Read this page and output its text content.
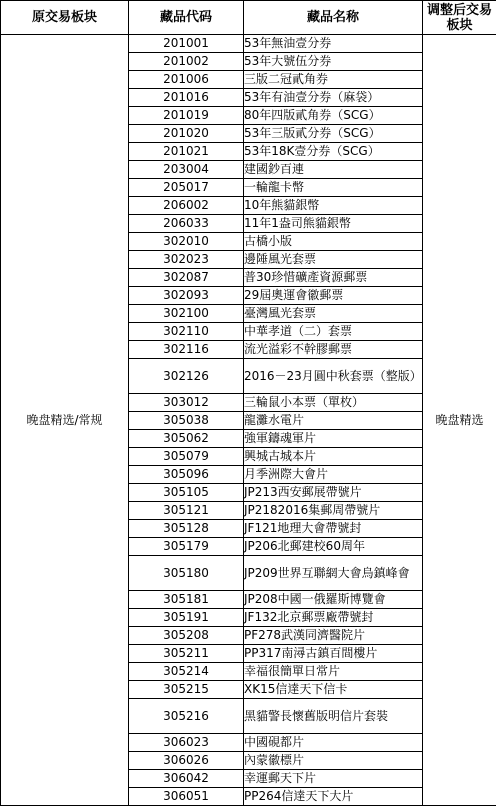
原交易板块	藏品代码	藏品名称	调整后交易板块
晚盘精选/常规	201001	53年無油壹分券	晚盘精选
	201002	53年大號伍分券	
	201006	三版二冠貳角券	
	201016	53年有油壹分券（麻袋）	
	201019	80年四版貳角券（SCG）	
	201020	53年三版貳分券（SCG）	
	201021	53年18K壹分券（SCG）	
	203004	建國鈔百連	
	205017	一輪龍卡幣	
	206002	10年熊貓銀幣	
	206033	11年1盎司熊貓銀幣	
	302010	古橋小版	
	302023	邊陲風光套票	
	302087	普30珍惜礦產資源郵票	
	302093	29屆奧運會徽郵票	
	302100	臺灣風光套票	
	302110	中華孝道（二）套票	
	302116	流光溢彩不幹膠郵票	
	302126	2016－23月圓中秋套票（整版）	
	303012	三輪鼠小本票（單枚）	
	305038	龍灘水電片	
	305062	強軍鑄魂軍片	
	305079	興城古城本片	
	305096	月季洲際大會片	
	305105	JP213西安郵展帶號片	
	305121	JP2182016集郵周帶號片	
	305128	JF121地理大會帶號封	
	305179	JP206北郵建校60周年	
	305180	JP209世界互聯網大會烏鎮峰會	
	305181	JP208中國一俄羅斯博覽會	
	305191	JF132北京郵票廠帶號封	
	305208	PF278武漢同濟醫院片	
	305211	PP317南潯古鎮百間樓片	
	305214	幸福很簡單日常片	
	305215	XK15信達天下信卡	
	305216	黑貓警長懷舊版明信片套裝	
	306023	中國硯都片	
	306026	內蒙徽標片	
	306042	幸運郵天下片	
	306051	PP264信達天下大片	
